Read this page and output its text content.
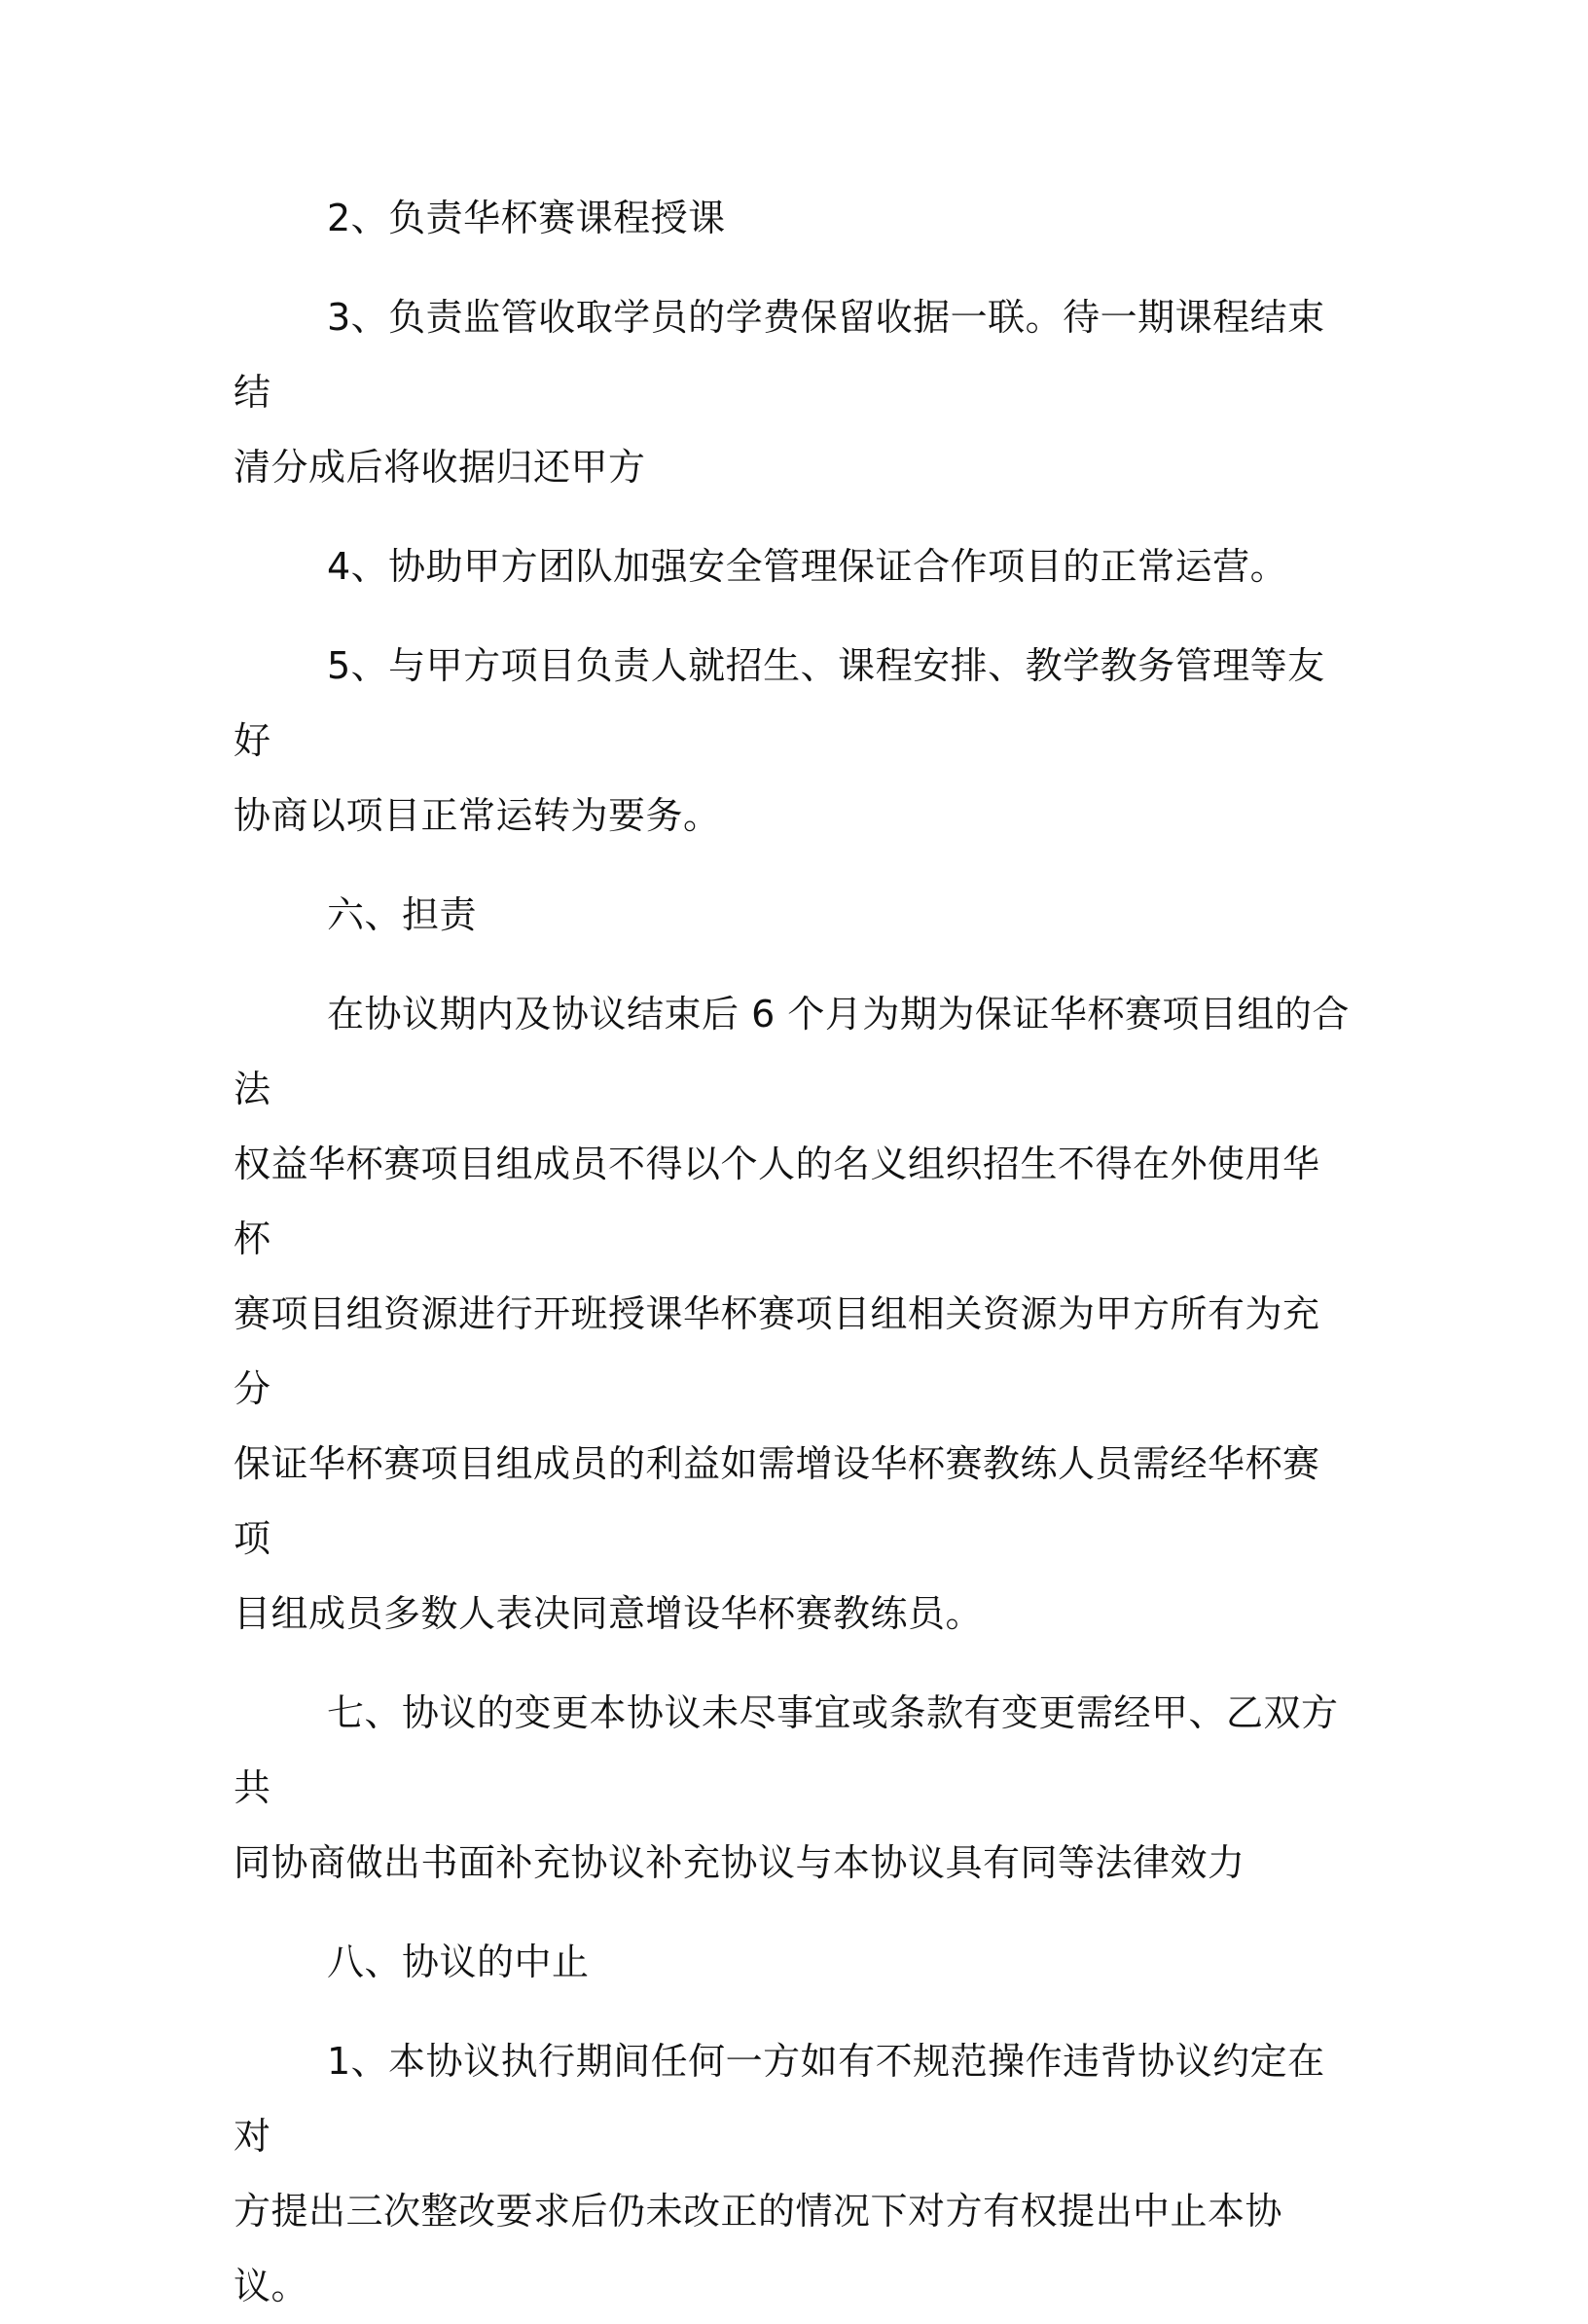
2、负责华杯赛课程授课

3、负责监管收取学员的学费保留收据一联。待一期课程结束结
清分成后将收据归还甲方

4、协助甲方团队加强安全管理保证合作项目的正常运营。

5、与甲方项目负责人就招生、课程安排、教学教务管理等友好
协商以项目正常运转为要务。

六、担责

在协议期内及协议结束后 6 个月为期为保证华杯赛项目组的合法
权益华杯赛项目组成员不得以个人的名义组织招生不得在外使用华杯
赛项目组资源进行开班授课华杯赛项目组相关资源为甲方所有为充分
保证华杯赛项目组成员的利益如需增设华杯赛教练人员需经华杯赛项
目组成员多数人表决同意增设华杯赛教练员。

七、协议的变更本协议未尽事宜或条款有变更需经甲、乙双方共
同协商做出书面补充协议补充协议与本协议具有同等法律效力

八、协议的中止

1、本协议执行期间任何一方如有不规范操作违背协议约定在对
方提出三次整改要求后仍未改正的情况下对方有权提出中止本协议。
